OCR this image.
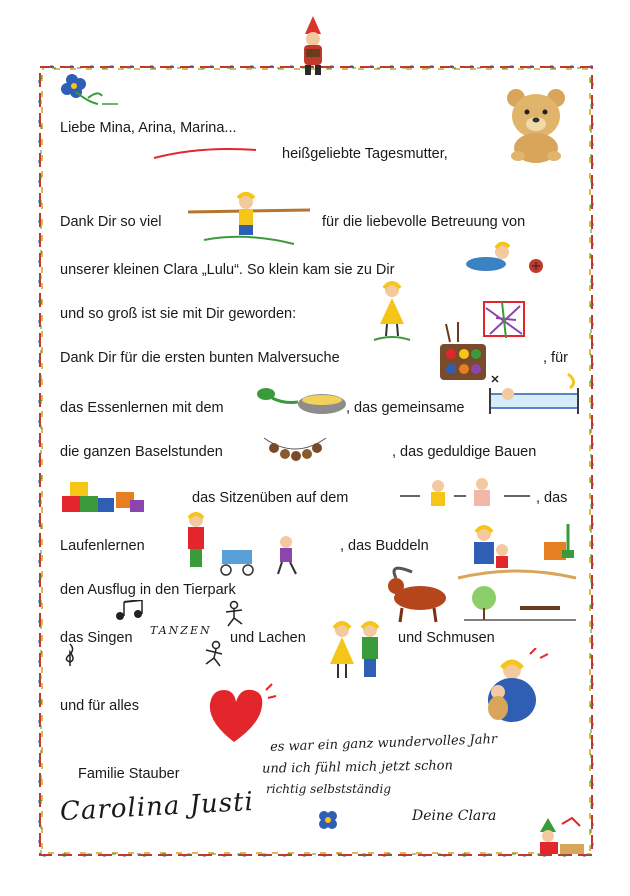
Liebe Mina, Arina, Marina...
heißgeliebte Tagesmutter,
Dank Dir so viel	für die liebevolle Betreuung von
unserer kleinen Clara „Lulu“. So klein kam sie zu Dir
und so groß ist sie mit Dir geworden:
Dank Dir für die ersten bunten Malversuche	, für
das Essenlernen mit dem	, das gemeinsame
die ganzen Baselstunden	, das geduldige Bauen
das Sitzenüben auf dem	, das
Laufenlernen	, das Buddeln
den Ausflug in den Tierpark
das Singen TANZEN und Lachen	und Schmusen
und für alles
Familie Stauber
es war ein ganz wundervolles Jahr
und ich fühl mich jetzt schon
richtig selbstständig
Carolina Justi	Deine Clara
